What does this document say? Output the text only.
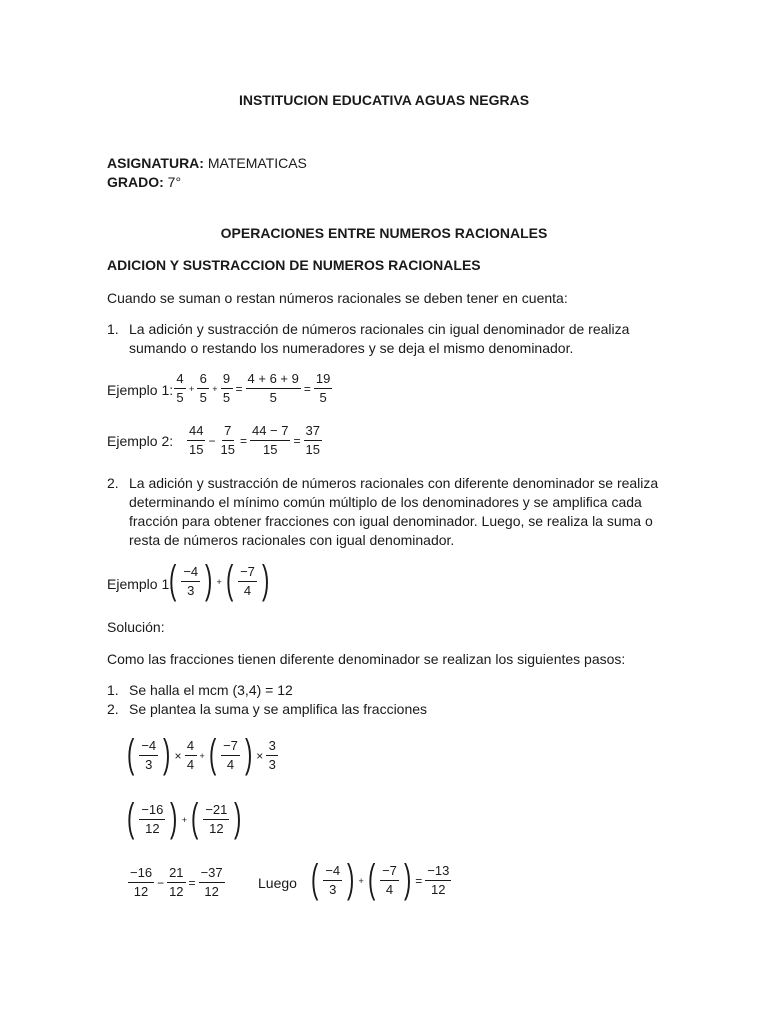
INSTITUCION EDUCATIVA AGUAS NEGRAS
ASIGNATURA: MATEMATICAS
GRADO: 7°
OPERACIONES ENTRE NUMEROS RACIONALES
ADICION Y SUSTRACCION DE NUMEROS RACIONALES
Cuando se suman o restan números racionales se deben tener en cuenta:
1. La adición y sustracción de números racionales cin igual denominador de realiza
sumando o restando los numeradores y se deja el mismo denominador.
Ejemplo 1: $\frac{4}{5} + \frac{6}{5} + \frac{9}{5} = \frac{4 + 6 + 9}{5} = \frac{19}{5}$
Ejemplo 2: $\frac{44}{15} - \frac{7}{15} = \frac{44 - 7}{15} = \frac{37}{15}$
2. La adición y sustracción de números racionales con diferente denominador se realiza
determinando el mínimo común múltiplo de los denominadores y se amplifica cada
fracción para obtener fracciones con igual denominador. Luego, se realiza la suma o
resta de números racionales con igual denominador.
Ejemplo 1:
( $\frac{-4}{3}$ ) + ( $\frac{-7}{4}$ )
Solución:
Como las fracciones tienen diferente denominador se realizan los siguientes pasos:
1. Se halla el mcm (3,4) = 12
2. Se plantea la suma y se amplifica las fracciones
( $\frac{-4}{3}$ ) × $\frac{4}{4}$ + ( $\frac{-7}{4}$ ) × $\frac{3}{3}$
( $\frac{-16}{12}$ ) + ( $\frac{-21}{12}$ )
$\frac{-16}{12} - \frac{21}{12} = \frac{-37}{12}$ Luego ( $\frac{-4}{3}$ ) + ( $\frac{-7}{4}$ ) = $\frac{-13}{12}$
